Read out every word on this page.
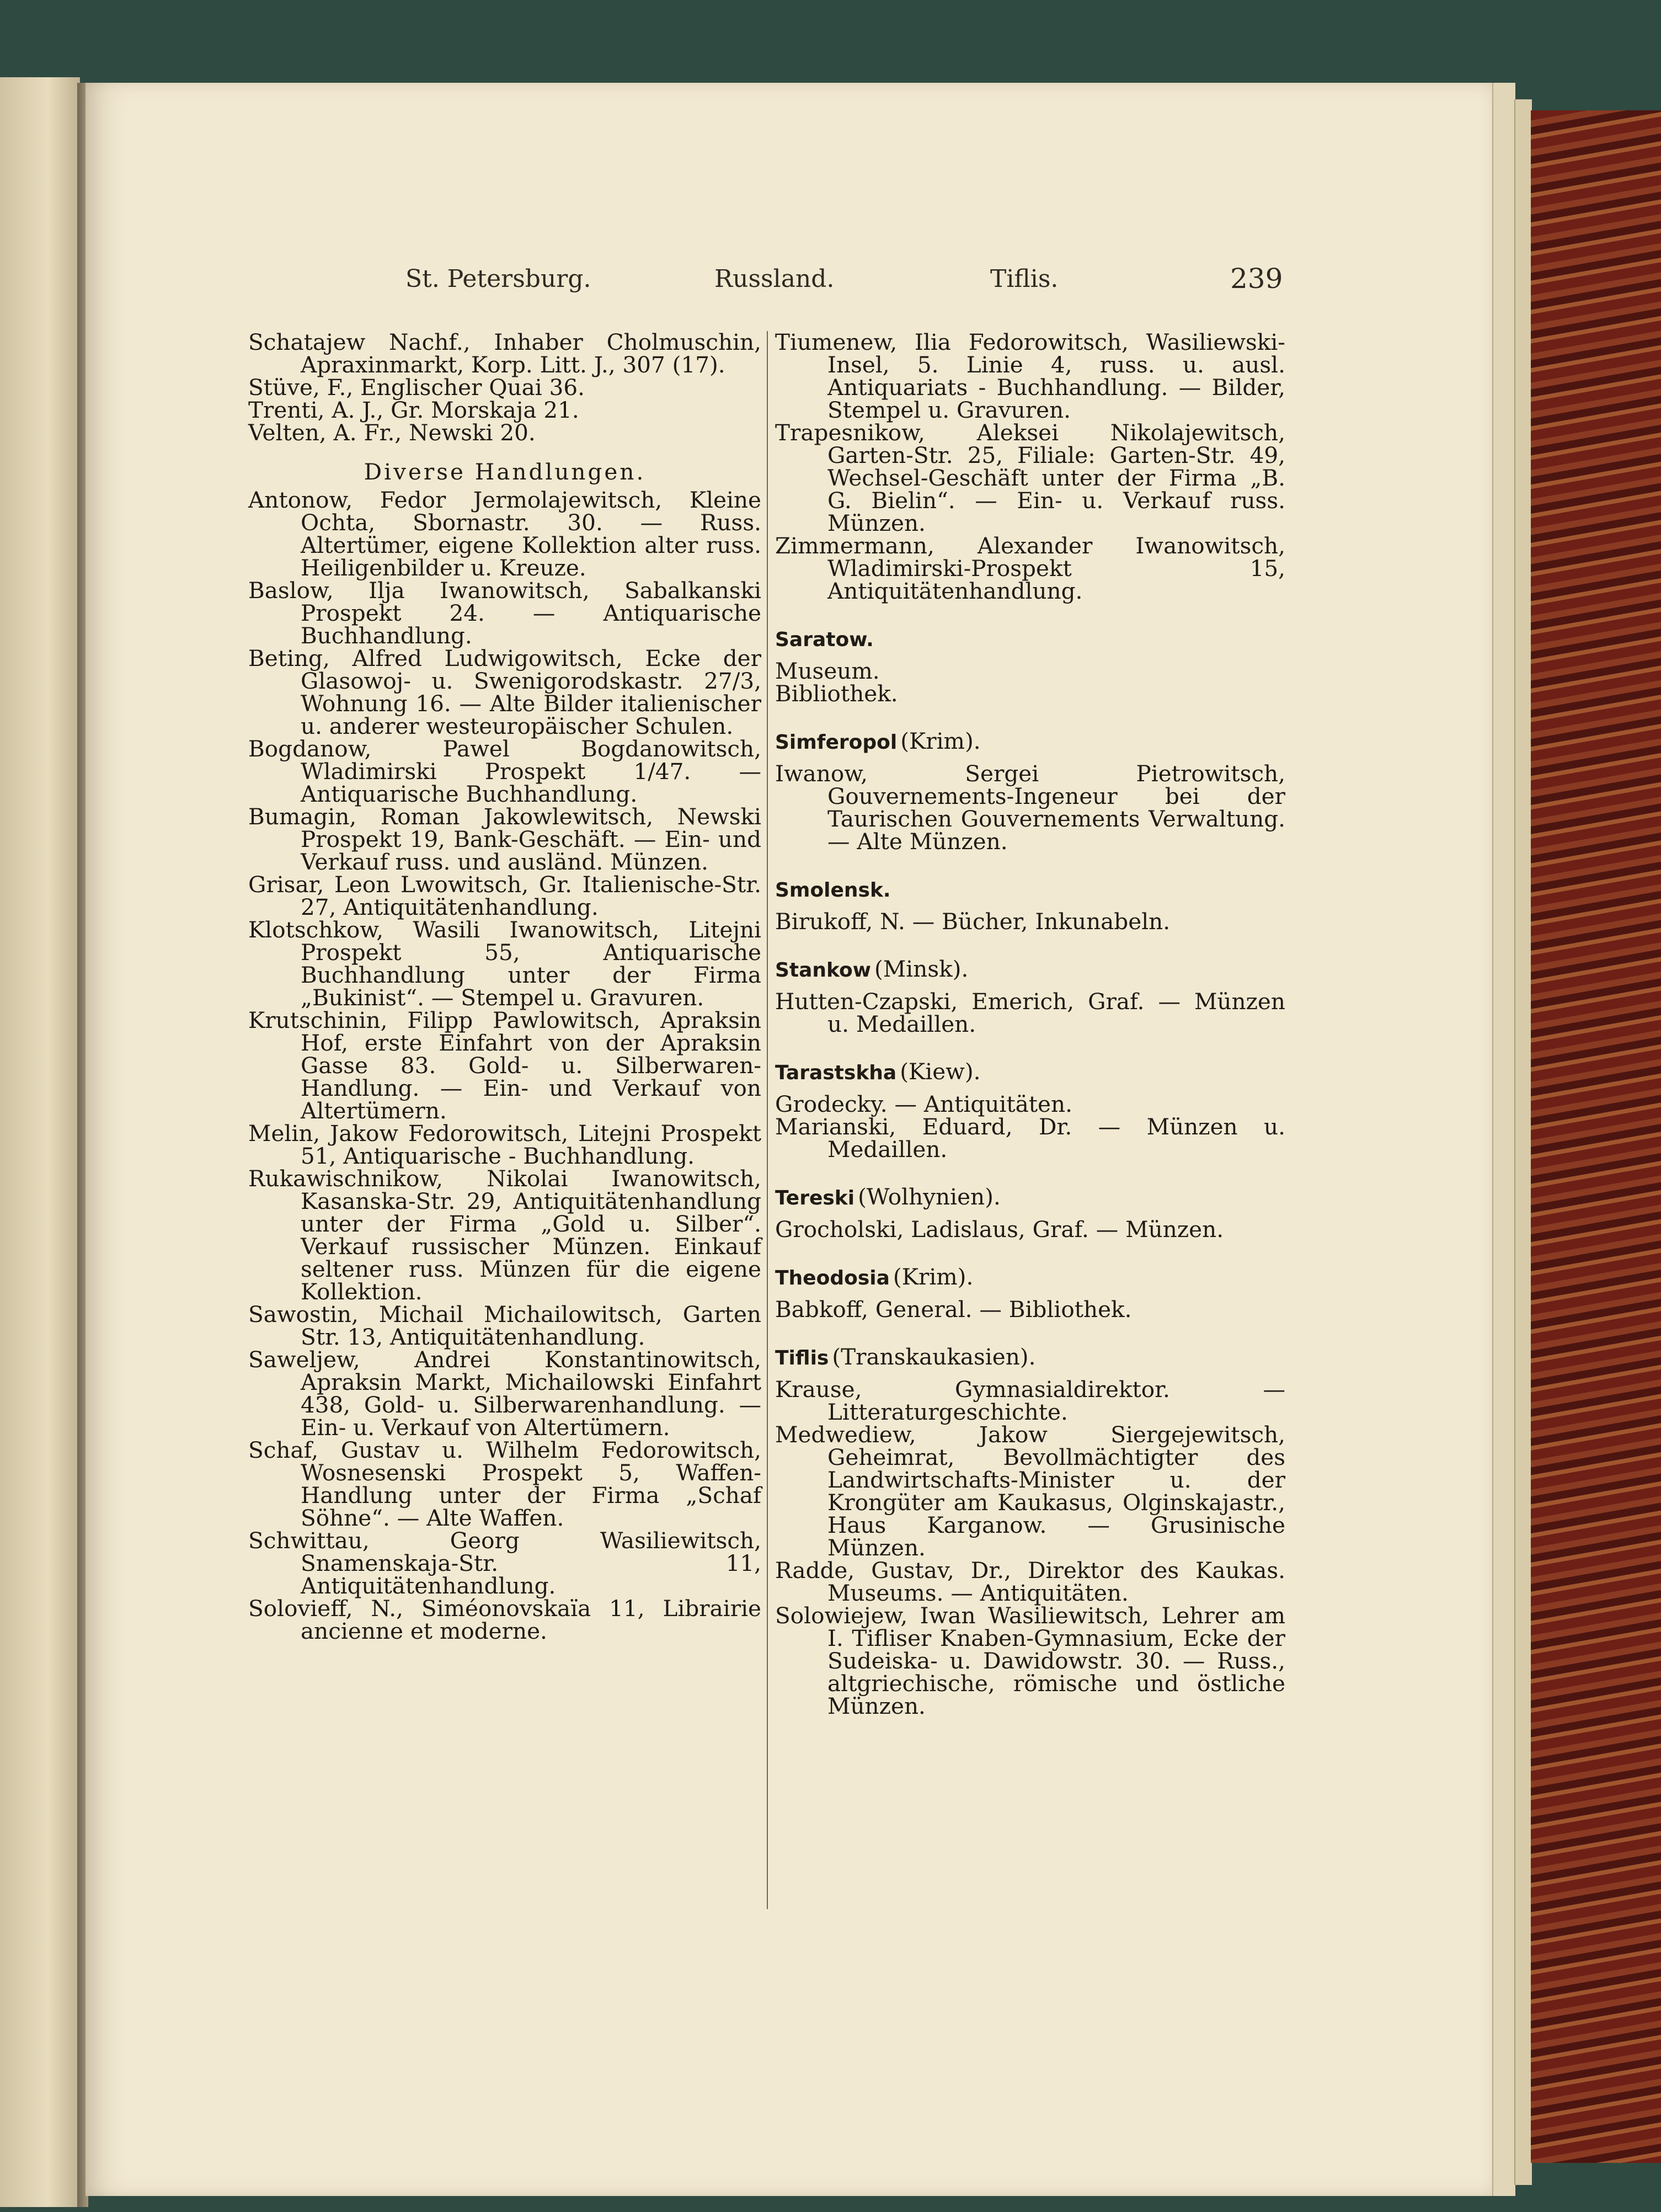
St. Petersburg.	Russland.	Tiflis.	239

Schatajew Nachf., Inhaber Cholmuschin, Apraxinmarkt, Korp. Litt. J., 307 (17).

Stüve, F., Englischer Quai 36.

Trenti, A. J., Gr. Morskaja 21.

Velten, A. Fr., Newski 20.

Diverse Handlungen.

Antonow, Fedor Jermolajewitsch, Kleine Ochta, Sbornastr. 30. — Russ. Altertümer, eigene Kollektion alter russ. Heiligenbilder u. Kreuze.

Baslow, Ilja Iwanowitsch, Sabalkanski Prospekt 24. — Antiquarische Buchhandlung.

Beting, Alfred Ludwigowitsch, Ecke der Glasowoj- u. Swenigorodskastr. 27/3, Wohnung 16. — Alte Bilder italienischer u. anderer westeuropäischer Schulen.

Bogdanow, Pawel Bogdanowitsch, Wladimirski Prospekt 1/47. — Antiquarische Buchhandlung.

Bumagin, Roman Jakowlewitsch, Newski Prospekt 19, Bank-Geschäft. — Ein- und Verkauf russ. und ausländ. Münzen.

Grisar, Leon Lwowitsch, Gr. Italienische-Str. 27, Antiquitätenhandlung.

Klotschkow, Wasili Iwanowitsch, Litejni Prospekt 55, Antiquarische Buchhandlung unter der Firma „Bukinist“. — Stempel u. Gravuren.

Krutschinin, Filipp Pawlowitsch, Apraksin Hof, erste Einfahrt von der Apraksin Gasse 83. Gold- u. Silberwaren-Handlung. — Ein- und Verkauf von Altertümern.

Melin, Jakow Fedorowitsch, Litejni Prospekt 51, Antiquarische - Buchhandlung.

Rukawischnikow, Nikolai Iwanowitsch, Kasanska-Str. 29, Antiquitätenhandlung unter der Firma „Gold u. Silber“. Verkauf russischer Münzen. Einkauf seltener russ. Münzen für die eigene Kollektion.

Sawostin, Michail Michailowitsch, Garten Str. 13, Antiquitätenhandlung.

Saweljew, Andrei Konstantinowitsch, Apraksin Markt, Michailowski Einfahrt 438, Gold- u. Silberwarenhandlung. — Ein- u. Verkauf von Altertümern.

Schaf, Gustav u. Wilhelm Fedorowitsch, Wosnesenski Prospekt 5, Waffen-Handlung unter der Firma „Schaf Söhne“. — Alte Waffen.

Schwittau, Georg Wasiliewitsch, Snamenskaja-Str. 11, Antiquitätenhandlung.

Solovieff, N., Siméonovskaïa 11, Librairie ancienne et moderne.

Tiumenew, Ilia Fedorowitsch, Wasiliewski-Insel, 5. Linie 4, russ. u. ausl. Antiquariats - Buchhandlung. — Bilder, Stempel u. Gravuren.

Trapesnikow, Aleksei Nikolajewitsch, Garten-Str. 25, Filiale: Garten-Str. 49, Wechsel-Geschäft unter der Firma „B. G. Bielin“. — Ein- u. Verkauf russ. Münzen.

Zimmermann, Alexander Iwanowitsch, Wladimirski-Prospekt 15, Antiquitätenhandlung.

Saratow.

Museum.

Bibliothek.

Simferopol (Krim).

Iwanow, Sergei Pietrowitsch, Gouvernements-Ingeneur bei der Taurischen Gouvernements Verwaltung. — Alte Münzen.

Smolensk.

Birukoff, N. — Bücher, Inkunabeln.

Stankow (Minsk).

Hutten-Czapski, Emerich, Graf. — Münzen u. Medaillen.

Tarastskha (Kiew).

Grodecky. — Antiquitäten.

Marianski, Eduard, Dr. — Münzen u. Medaillen.

Tereski (Wolhynien).

Grocholski, Ladislaus, Graf. — Münzen.

Theodosia (Krim).

Babkoff, General. — Bibliothek.

Tiflis (Transkaukasien).

Krause, Gymnasialdirektor. — Litteraturgeschichte.

Medwediew, Jakow Siergejewitsch, Geheimrat, Bevollmächtigter des Landwirtschafts-Minister u. der Krongüter am Kaukasus, Olginskajastr., Haus Karganow. — Grusinische Münzen.

Radde, Gustav, Dr., Direktor des Kaukas. Museums. — Antiquitäten.

Solowiejew, Iwan Wasiliewitsch, Lehrer am I. Tifliser Knaben-Gymnasium, Ecke der Sudeiska- u. Dawidowstr. 30. — Russ., altgriechische, römische und östliche Münzen.
